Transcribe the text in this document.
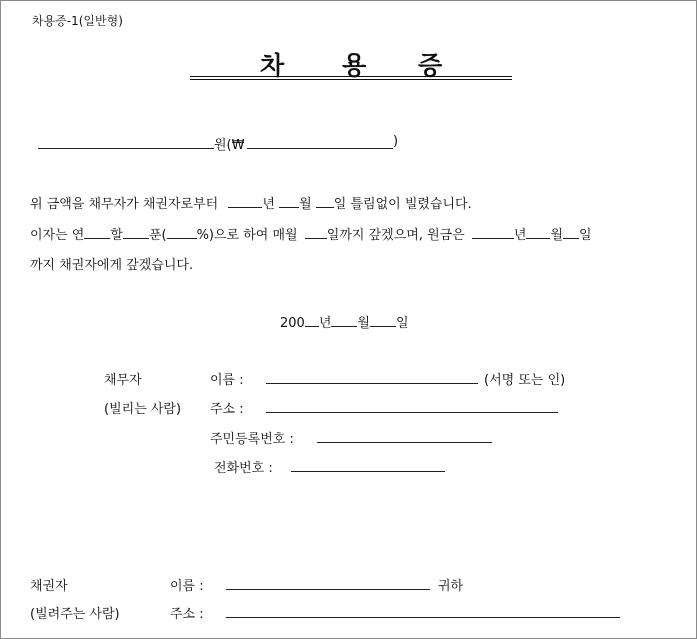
차용증-1(일반형)
차 용 증
원(₩	)
위 금액을 채무자가 채권자로부터	년 월 일 틀림없이 빌렸습니다.
이자는 연 할 푼( %)으로 하여 매월 일까지 갚겠으며, 원금은	년 월 일
까지 채권자에게 갚겠습니다.
200 년 월 일
채무자
(빌리는 사람)
이름 :	(서명 또는 인)
주소 :
주민등록번호 :
전화번호 :
채권자
(빌려주는 사람)
이름 :	귀하
주소 :
